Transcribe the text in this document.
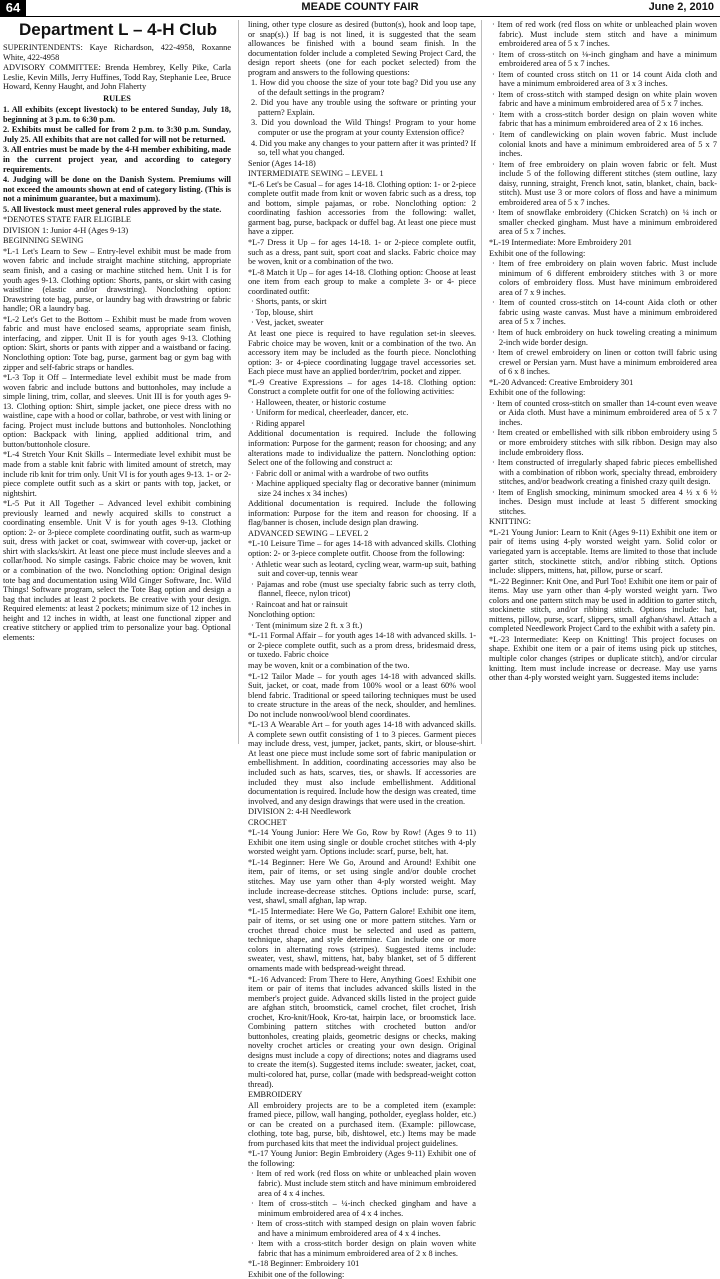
64	MEADE COUNTY FAIR	June 2, 2010
Department L – 4-H Club

SUPERINTENDENTS: Kaye Richardson, 422-4958, Roxanne White, 422-4958

ADVISORY COMMITTEE: Brenda Hembrey, Kelly Pike, Carla Leslie, Kevin Mills, Jerry Huffines, Todd Ray, Stephanie Lee, Bruce Howard, Kenny Haught, and John Flaherty

RULES

1. All exhibits (except livestock) to be entered Sunday, July 18, beginning at 3 p.m. to 6:30 p.m.

2. Exhibits must be called for from 2 p.m. to 3:30 p.m. Sunday, July 25. All exhibits that are not called for will not be returned.

3. All entries must be made by the 4-H member exhibiting, made in the current project year, and according to category requirements.

4. Judging will be done on the Danish System. Premiums will not exceed the amounts shown at end of category listing. (This is not a minimum guarantee, but a maximum).

5. All livestock must meet general rules approved by the state.

*DENOTES STATE FAIR ELIGIBLE

DIVISION 1: Junior 4-H (Ages 9-13)

BEGINNING SEWING

*L-1 Let's Learn to Sew – Entry-level exhibit must be made from woven fabric and include straight machine stitching, appropriate seam finish, and a casing or machine stitched hem. Unit I is for youth ages 9-13. Clothing option: Shorts, pants, or skirt with casing waistline (elastic and/or drawstring). Nonclothing option: Drawstring tote bag, purse, or laundry bag with drawstring or fabric handle; OR a laundry bag.

*L-2 Let's Get to the Bottom – Exhibit must be made from woven fabric and must have enclosed seams, appropriate seam finish, interfacing, and zipper. Unit II is for youth ages 9-13. Clothing option: Skirt, shorts or pants with zipper and a waistband or facing. Nonclothing option: Tote bag, purse, garment bag or gym bag with zipper and self-fabric straps or handles.

*L-3 Top it Off – Intermediate level exhibit must be made from woven fabric and include buttons and buttonholes, may include a simple lining, trim, collar, and sleeves. Unit III is for youth ages 9-13. Clothing option: Shirt, simple jacket, one piece dress with no waistline, cape with a hood or collar, bathrobe, or vest with lining or facing. Project must include buttons and buttonholes. Nonclothing option: Backpack with lining, applied additional trim, and button/buttonhole closure.

*L-4 Stretch Your Knit Skills – Intermediate level exhibit must be made from a stable knit fabric with limited amount of stretch, may include rib knit for trim only. Unit VI is for youth ages 9-13. 1- or 2-piece complete outfit such as a skirt or pants with top, jacket, or nightshirt.

*L-5 Put it All Together – Advanced level exhibit combining previously learned and newly acquired skills to construct a coordinating ensemble. Unit V is for youth ages 9-13. Clothing option: 2- or 3-piece complete coordinating outfit, such as warm-up suit, dress with jacket or coat, swimwear with cover-up, jacket or shirt with slacks/skirt. At least one piece must include sleeves and a collar/hood. No simple casings. Fabric choice may be woven, knit or a combination of the two. Nonclothing option: Original design tote bag and documentation using Wild Ginger Software, Inc. Wild Things! Software program, select the Tote Bag option and design a bag that includes at least 2 pockets. Be creative with your design. Required elements: at least 2 pockets; minimum size of 12 inches in height and 12 inches in width, at least one functional zipper and creative stitchery or applied trim to personalize your bag. Optional elements:

lining, other type closure as desired (button(s), hook and loop tape, or snap(s).) If bag is not lined, it is suggested that the seam allowances be finished with a bound seam finish. In the documentation folder include a completed Sewing Project Card, the design report sheets (one for each pocket selected) from the program and answers to the following questions:

1. How did you choose the size of your tote bag? Did you use any of the default settings in the program?

2. Did you have any trouble using the software or printing your pattern? Explain.

3. Did you download the Wild Things! Program to your home computer or use the program at your county Extension office?

4. Did you make any changes to your pattern after it was printed? If so, tell what you changed.

Senior (Ages 14-18)

INTERMEDIATE SEWING – LEVEL 1

*L-6 Let's be Casual – for ages 14-18. Clothing option: 1- or 2-piece complete outfit made from knit or woven fabric such as a dress, top and bottom, simple pajamas, or robe. Nonclothing option: 2 coordinating fashion accessories from the following: wallet, garment bag, purse, backpack or duffel bag. At least one piece must have a zipper.

*L-7 Dress it Up – for ages 14-18. 1- or 2-piece complete outfit, such as a dress, pant suit, sport coat and slacks. Fabric choice may be woven, knit or a combination of the two.

*L-8 Match it Up – for ages 14-18. Clothing option: Choose at least one item from each group to make a complete 3- or 4- piece coordinated outfit:

· Shorts, pants, or skirt

· Top, blouse, shirt

· Vest, jacket, sweater

At least one piece is required to have regulation set-in sleeves. Fabric choice may be woven, knit or a combination of the two. An accessory item may be included as the fourth piece. Nonclothing option: 3- or 4-piece coordinating luggage travel accessories set. Each piece must have an applied border/trim, pocket and zipper.

*L-9 Creative Expressions – for ages 14-18. Clothing option: Construct a complete outfit for one of the following activities:

· Halloween, theater, or historic costume

· Uniform for medical, cheerleader, dancer, etc.

· Riding apparel

Additional documentation is required. Include the following information: Purpose for the garment; reason for choosing; and any alterations made to individualize the pattern. Nonclothing option: Select one of the following and construct a:

· Fabric doll or animal with a wardrobe of two outfits

· Machine appliqued specialty flag or decorative banner (minimum size 24 inches x 34 inches)

Additional documentation is required. Include the following information: Purpose for the item and reason for choosing. If a flag/banner is chosen, include design plan drawing.

ADVANCED SEWING – LEVEL 2

*L-10 Leisure Time – for ages 14-18 with advanced skills. Clothing option: 2- or 3-piece complete outfit. Choose from the following:

· Athletic wear such as leotard, cycling wear, warm-up suit, bathing suit and cover-up, tennis wear

· Pajamas and robe (must use specialty fabric such as terry cloth, flannel, fleece, nylon tricot)

· Raincoat and hat or rainsuit

Nonclothing option:

· Tent (minimum size 2 ft. x 3 ft.)

*L-11 Formal Affair – for youth ages 14-18 with advanced skills. 1- or 2-piece complete outfit, such as a prom dress, bridesmaid dress, or tuxedo. Fabric choice

may be woven, knit or a combination of the two.

*L-12 Tailor Made – for youth ages 14-18 with advanced skills. Suit, jacket, or coat, made from 100% wool or a least 60% wool blend fabric. Traditional or speed tailoring techniques must be used to create structure in the areas of the neck, shoulder, and hemlines. Do not include nonwool/wool blend coordinates.

*L-13 A Wearable Art – for youth ages 14-18 with advanced skills. A complete sewn outfit consisting of 1 to 3 pieces. Garment pieces may include dress, vest, jumper, jacket, pants, skirt, or blouse-shirt. At least one piece must include some sort of fabric manipulation or embellishment. In addition, coordinating accessories may also be included such as hats, scarves, ties, or shawls. If accessories are included they must also include embellishment. Additional documentation is required. Include how the design was created, time involved, and any design drawings that were used in the creation.

DIVISION 2: 4-H Needlework

CROCHET

*L-14 Young Junior: Here We Go, Row by Row! (Ages 9 to 11) Exhibit one item using single or double crochet stitches with 4-ply worsted weight yarn. Options include: scarf, purse, belt, hat.

*L-14 Beginner: Here We Go, Around and Around! Exhibit one item, pair of items, or set using single and/or double crochet stitches. May use yarn other than 4-ply worsted weight. May include increase-decrease stitches. Options include: purse, scarf, vest, shawl, small afghan, lap wrap.

*L-15 Intermediate: Here We Go, Pattern Galore! Exhibit one item, pair of items, or set using one or more pattern stitches. Yarn or crochet thread choice must be selected and used as pattern, technique, shape, and style determine. Can include one or more colors in alternating rows (stripes). Suggested items include: sweater, vest, shawl, mittens, hat, baby blanket, set of 5 different ornaments made with bedspread-weight thread.

*L-16 Advanced: From There to Here, Anything Goes! Exhibit one item or pair of items that includes advanced skills listed in the member's project guide. Advanced skills listed in the project guide are afghan stitch, broomstick, camel crochet, filet crochet, Irish crochet, Kro-knit/Hook, Kro-tat, hairpin lace, or broomstick lace. Combining pattern stitches with crocheted button and/or buttonholes, creating plaids, geometric designs or checks, making novelty crochet articles or creating your own design. Original designs must include a copy of directions; notes and diagrams used to create the item(s). Suggested items include: sweater, jacket, coat, multi-colored hat, purse, collar (made with bedspread-weight cotton thread).

EMBROIDERY

All embroidery projects are to be a completed item (example: framed piece, pillow, wall hanging, potholder, eyeglass holder, etc.) or can be created on a purchased item. (Example: pillowcase, clothing, tote bag, purse, bib, dishtowel, etc.) Items may be made from purchased kits that meet the individual project guidelines.

*L-17 Young Junior: Begin Embroidery (Ages 9-11) Exhibit one of the following:

· Item of red work (red floss on white or unbleached plain woven fabric). Must include stem stitch and have minimum embroidered area of 4 x 4 inches.

· Item of cross-stitch – ¼-inch checked gingham and have a minimum embroidered area of 4 x 4 inches.

· Item of cross-stitch with stamped design on plain woven fabric and have a minimum embroidered area of 4 x 4 inches.

· Item with a cross-stitch border design on plain woven white fabric that has a minimum embroidered area of 2 x 8 inches.

*L-18 Beginner: Embroidery 101

Exhibit one of the following:

· Item of red work (red floss on white or unbleached plain woven fabric). Must include stem stitch and have a minimum embroidered area of 5 x 7 inches.

· Item of cross-stitch on ⅛-inch gingham and have a minimum embroidered area of 5 x 7 inches.

· Item of counted cross stitch on 11 or 14 count Aida cloth and have a minimum embroidered area of 3 x 3 inches.

· Item of cross-stitch with stamped design on white plain woven fabric and have a minimum embroidered area of 5 x 7 inches.

· Item with a cross-stitch border design on plain woven white fabric that has a minimum embroidered area of 2 x 16 inches.

· Item of candlewicking on plain woven fabric. Must include colonial knots and have a minimum embroidered area of 5 x 7 inches.

· Item of free embroidery on plain woven fabric or felt. Must include 5 of the following different stitches (stem outline, lazy daisy, running, straight, French knot, satin, blanket, chain, back-stitch). Must use 3 or more colors of floss and have a minimum embroidered area of 5 x 7 inches.

· Item of snowflake embroidery (Chicken Scratch) on ¼ inch or smaller checked gingham. Must have a minimum embroidered area of 5 x 7 inches.

*L-19 Intermediate: More Embroidery 201

Exhibit one of the following:

· Item of free embroidery on plain woven fabric. Must include minimum of 6 different embroidery stitches with 3 or more colors of embroidery floss. Must have minimum embroidered area of 7 x 9 inches.

· Item of counted cross-stitch on 14-count Aida cloth or other fabric using waste canvas. Must have a minimum embroidered area of 5 x 7 inches.

· Item of huck embroidery on huck toweling creating a minimum 2-inch wide border design.

· Item of crewel embroidery on linen or cotton twill fabric using crewel or Persian yarn. Must have a minimum embroidered area of 6 x 8 inches.

*L-20 Advanced: Creative Embroidery 301

Exhibit one of the following:

· Item of counted cross-stitch on smaller than 14-count even weave or Aida cloth. Must have a minimum embroidered area of 5 x 7 inches.

· Item created or embellished with silk ribbon embroidery using 5 or more embroidery stitches with silk ribbon. Design may also include embroidery floss.

· Item constructed of irregularly shaped fabric pieces embellished with a combination of ribbon work, specialty thread, embroidery stitches, and/or beadwork creating a finished crazy quilt design.

· Item of English smocking, minimum smocked area 4 ½ x 6 ½ inches. Design must include at least 5 different smocking stitches.

KNITTING:

*L-21 Young Junior: Learn to Knit (Ages 9-11) Exhibit one item or pair of items using 4-ply worsted weight yarn. Solid color or variegated yarn is acceptable. Items are limited to those that include garter stitch, stockinette stitch, and/or ribbing stitch. Options include: slippers, mittens, hat, pillow, purse or scarf.

*L-22 Beginner: Knit One, and Purl Too! Exhibit one item or pair of items. May use yarn other than 4-ply worsted weight yarn. Two colors and one pattern stitch may be used in addition to garter stitch, stockinette stitch, and/or ribbing stitch. Options include: hat, mittens, pillow, purse, scarf, slippers, small afghan/shawl. Attach a completed Needlework Project Card to the exhibit with a safety pin.

*L-23 Intermediate: Keep on Knitting! This project focuses on shape. Exhibit one item or a pair of items using pick up stitches, multiple color changes (stripes or duplicate stitch), and/or circular knitting. Item must include increase or decrease. May use yarns other than 4-ply worsted weight yarn. Suggested items include:
